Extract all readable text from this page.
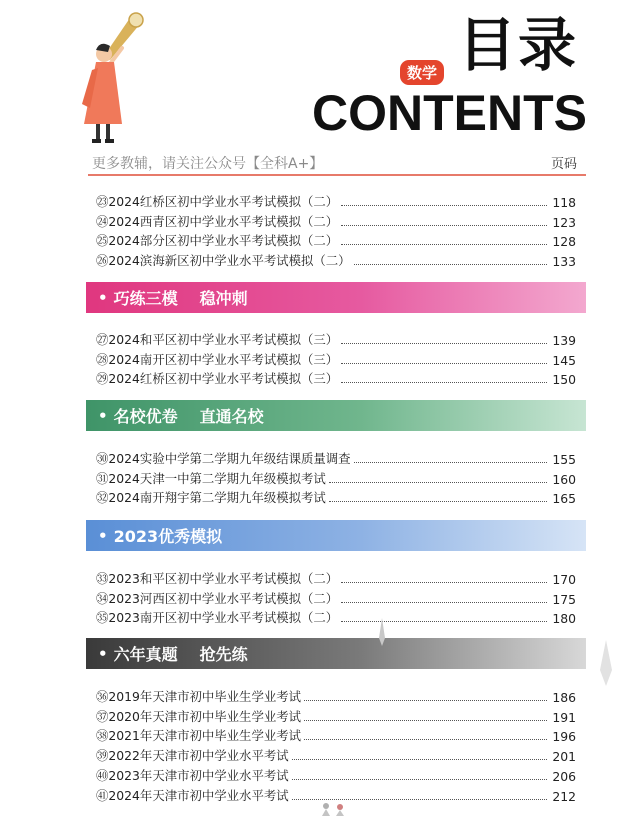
数学 目录
CONTENTS
更多教辅，请关注公众号【全科A+】	页码
㉓2024红桥区初中学业水平考试模拟（二）	118
㉔2024西青区初中学业水平考试模拟（二）	123
㉕2024部分区初中学业水平考试模拟（二）	128
㉖2024滨海新区初中学业水平考试模拟（二）	133
• 巧练三模 稳冲刺
㉗2024和平区初中学业水平考试模拟（三）	139
㉘2024南开区初中学业水平考试模拟（三）	145
㉙2024红桥区初中学业水平考试模拟（三）	150
• 名校优卷 直通名校
㉚2024实验中学第二学期九年级结课质量调查	155
㉛2024天津一中第二学期九年级模拟考试	160
㉜2024南开翔宇第二学期九年级模拟考试	165
• 2023优秀模拟
㉝2023和平区初中学业水平考试模拟（二）	170
㉞2023河西区初中学业水平考试模拟（二）	175
㉟2023南开区初中学业水平考试模拟（二）	180
• 六年真题 抢先练
㊱2019年天津市初中毕业生学业考试	186
㊲2020年天津市初中毕业生学业考试	191
㊳2021年天津市初中毕业生学业考试	196
㊴2022年天津市初中学业水平考试	201
㊵2023年天津市初中学业水平考试	206
㊶2024年天津市初中学业水平考试	212
